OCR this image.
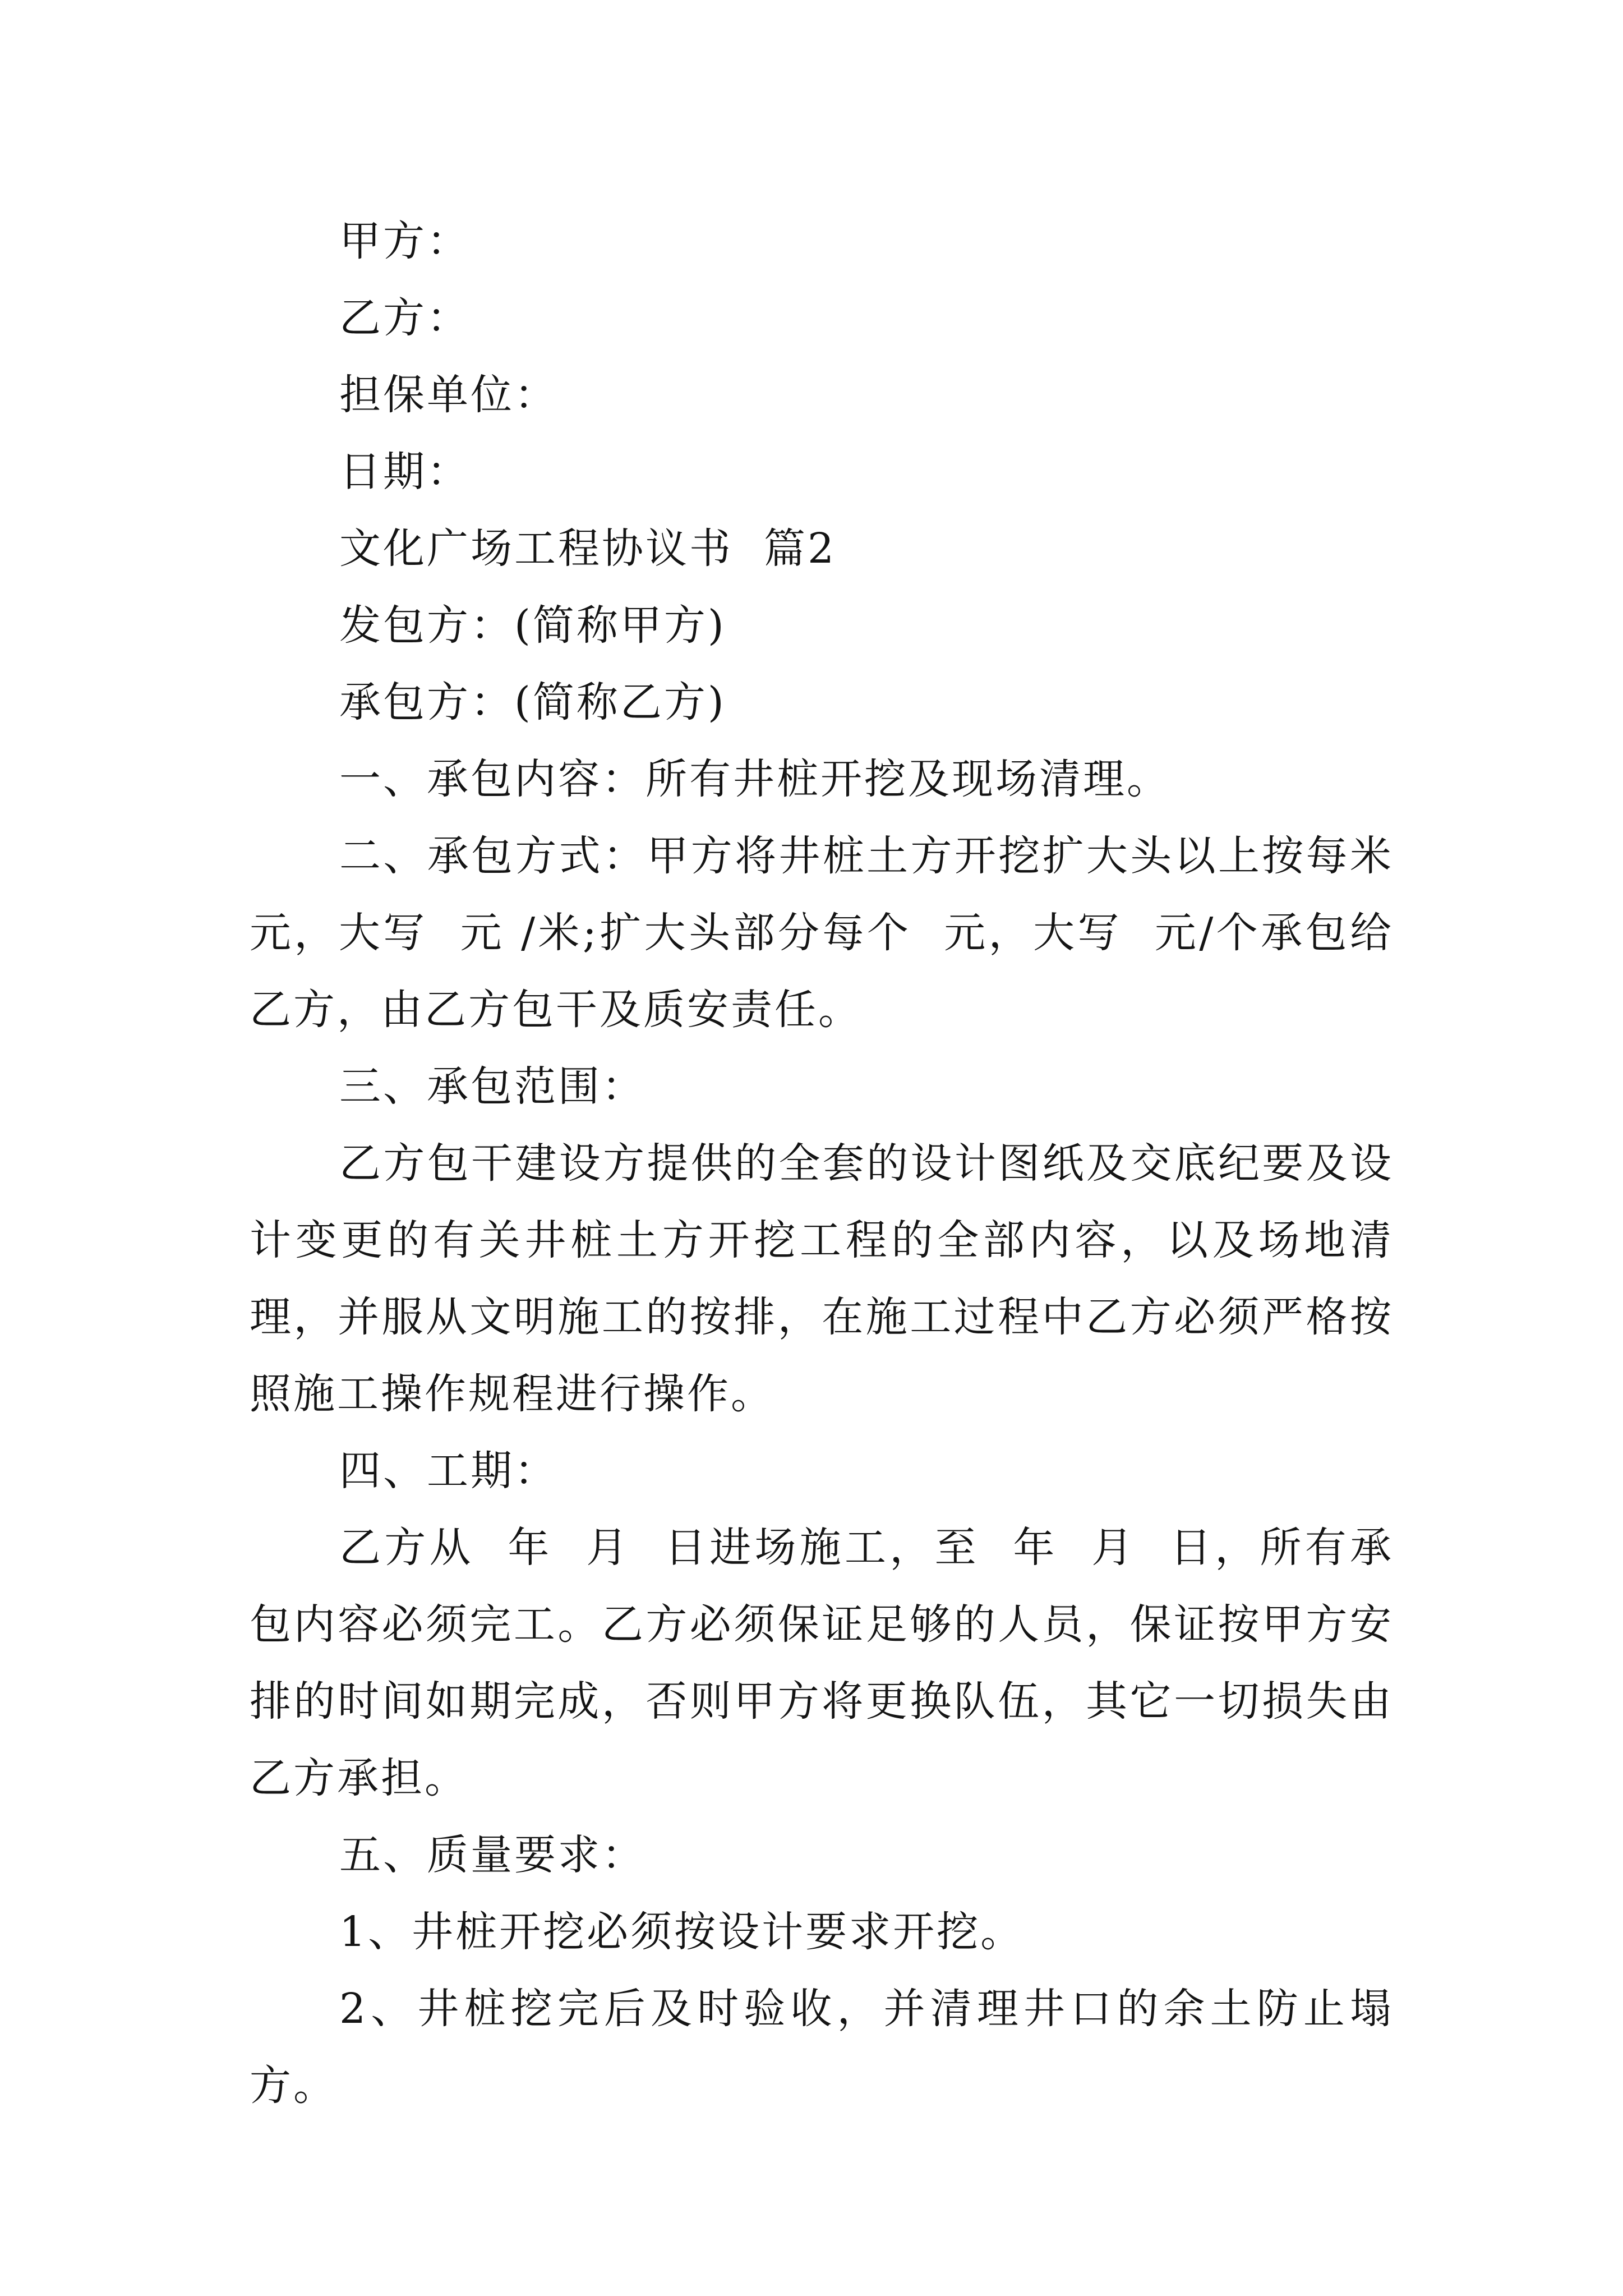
甲方：

乙方：

担保单位：

日期：

文化广场工程协议书  篇2

发包方：(简称甲方)

承包方：(简称乙方)

一、承包内容：所有井桩开挖及现场清理。

二、承包方式：甲方将井桩土方开挖扩大头以上按每米 元，大写  元 /米;扩大头部分每个  元，大写  元/个承包给乙方，由乙方包干及质安责任。

三、承包范围：

乙方包干建设方提供的全套的设计图纸及交底纪要及设计变更的有关井桩土方开挖工程的全部内容，以及场地清理，并服从文明施工的按排，在施工过程中乙方必须严格按照施工操作规程进行操作。

四、工期：

乙方从  年  月  日进场施工，至  年  月  日，所有承包内容必须完工。乙方必须保证足够的人员，保证按甲方安排的时间如期完成，否则甲方将更换队伍，其它一切损失由乙方承担。

五、质量要求：

1、井桩开挖必须按设计要求开挖。

2、井桩挖完后及时验收，并清理井口的余土防止塌方。
